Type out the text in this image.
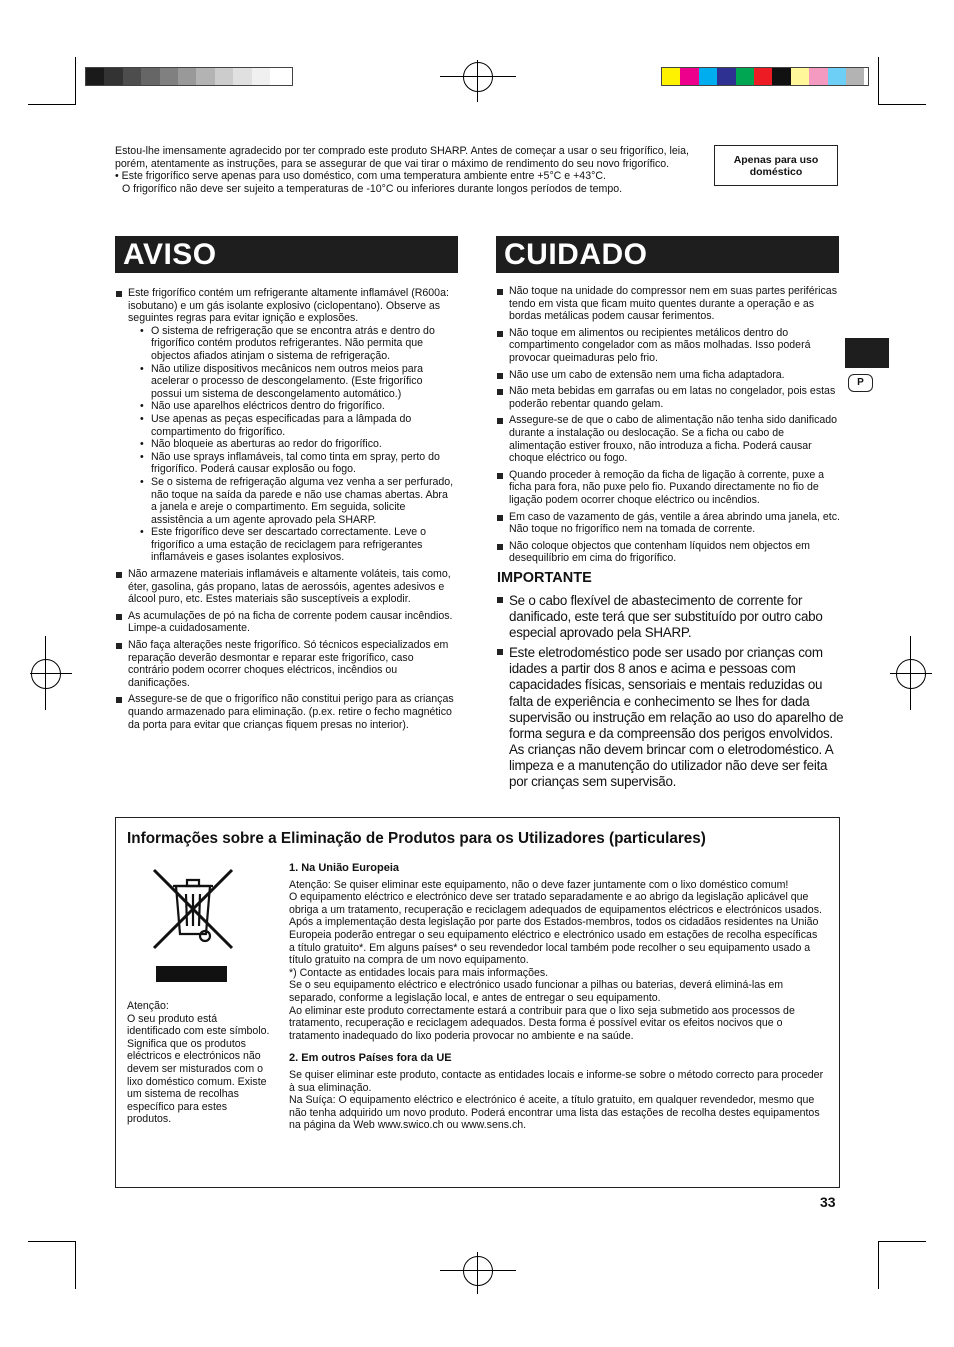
Estou-lhe imensamente agradecido por ter comprado este produto SHARP. Antes de começar a usar o seu frigorífico, leia, porém, atentamente as instruções, para se assegurar de que vai tirar o máximo de rendimento do seu novo frigorífico.

• Este frigorífico serve apenas para uso doméstico, com uma temperatura ambiente entre +5°C e +43°C.

O frigorífico não deve ser sujeito a temperaturas de -10°C ou inferiores durante longos períodos de tempo.

Apenas para uso doméstico
AVISO	CUIDADO
P
Este frigorífico contém um refrigerante altamente inflamável (R600a: isobutano) e um gás isolante explosivo (ciclopentano). Observe as seguintes regras para evitar ignição e explosões.
• O sistema de refrigeração que se encontra atrás e dentro do frigorífico contém produtos refrigerantes. Não permita que objectos afiados atinjam o sistema de refrigeração.
• Não utilize dispositivos mecânicos nem outros meios para acelerar o processo de descongelamento. (Este frigorífico possui um sistema de descongelamento automático.)
• Não use aparelhos eléctricos dentro do frigorífico.
• Use apenas as peças especificadas para a lâmpada do compartimento do frigorífico.
• Não bloqueie as aberturas ao redor do frigorífico.
• Não use sprays inflamáveis, tal como tinta em spray, perto do frigorífico. Poderá causar explosão ou fogo.
• Se o sistema de refrigeração alguma vez venha a ser perfurado, não toque na saída da parede e não use chamas abertas. Abra a janela e areje o compartimento. Em seguida, solicite assistência a um agente aprovado pela SHARP.
• Este frigorífico deve ser descartado correctamente. Leve o frigorífico a uma estação de reciclagem para refrigerantes inflamáveis e gases isolantes explosivos.
Não armazene materiais inflamáveis e altamente voláteis, tais como, éter, gasolina, gás propano, latas de aerossóis, agentes adesivos e álcool puro, etc. Estes materiais são susceptíveis a explodir.
As acumulações de pó na ficha de corrente podem causar incêndios. Limpe-a cuidadosamente.
Não faça alterações neste frigorífico. Só técnicos especializados em reparação deverão desmontar e reparar este frigorífico, caso contrário podem ocorrer choques eléctricos, incêndios ou danificações.
Assegure-se de que o frigorífico não constitui perigo para as crianças quando armazenado para eliminação. (p.ex. retire o fecho magnético da porta para evitar que crianças fiquem presas no interior).
Não toque na unidade do compressor nem em suas partes periféricas tendo em vista que ficam muito quentes durante a operação e as bordas metálicas podem causar ferimentos.
Não toque em alimentos ou recipientes metálicos dentro do compartimento congelador com as mãos molhadas. Isso poderá provocar queimaduras pelo frio.
Não use um cabo de extensão nem uma ficha adaptadora.
Não meta bebidas em garrafas ou em latas no congelador, pois estas poderão rebentar quando gelam.
Assegure-se de que o cabo de alimentação não tenha sido danificado durante a instalação ou deslocação. Se a ficha ou cabo de alimentação estiver frouxo, não introduza a ficha. Poderá causar choque eléctrico ou fogo.
Quando proceder à remoção da ficha de ligação à corrente, puxe a ficha para fora, não puxe pelo fio. Puxando directamente no fio de ligação podem ocorrer choque eléctrico ou incêndios.
Em caso de vazamento de gás, ventile a área abrindo uma janela, etc. Não toque no frigorífico nem na tomada de corrente.
Não coloque objectos que contenham líquidos nem objectos em desequilíbrio em cima do frigorífico.
IMPORTANTE
Se o cabo flexível de abastecimento de corrente for danificado, este terá que ser substituído por outro cabo especial aprovado pela SHARP.
Este eletrodoméstico pode ser usado por crianças com idades a partir dos 8 anos e acima e pessoas com capacidades físicas, sensoriais e mentais reduzidas ou falta de experiência e conhecimento se lhes for dada supervisão ou instrução em relação ao uso do aparelho de forma segura e da compreensão dos perigos envolvidos. As crianças não devem brincar com o eletrodoméstico. A limpeza e a manutenção do utilizador não deve ser feita por crianças sem supervisão.
Informações sobre a Eliminação de Produtos para os Utilizadores (particulares)

Atenção:

O seu produto está identificado com este símbolo. Significa que os produtos eléctricos e electrónicos não devem ser misturados com o lixo doméstico comum. Existe um sistema de recolhas específico para estes produtos.

1. Na União Europeia

Atenção: Se quiser eliminar este equipamento, não o deve fazer juntamente com o lixo doméstico comum!

O equipamento eléctrico e electrónico deve ser tratado separadamente e ao abrigo da legislação aplicável que obriga a um tratamento, recuperação e reciclagem adequados de equipamentos eléctricos e electrónicos usados.

Após a implementação desta legislação por parte dos Estados-membros, todos os cidadãos residentes na União Europeia poderão entregar o seu equipamento eléctrico e electrónico usado em estações de recolha específicas a título gratuito*. Em alguns países* o seu revendedor local também pode recolher o seu equipamento usado a título gratuito na compra de um novo equipamento.

*) Contacte as entidades locais para mais informações.

Se o seu equipamento eléctrico e electrónico usado funcionar a pilhas ou baterias, deverá eliminá-las em separado, conforme a legislação local, e antes de entregar o seu equipamento.

Ao eliminar este produto correctamente estará a contribuir para que o lixo seja submetido aos processos de tratamento, recuperação e reciclagem adequados. Desta forma é possível evitar os efeitos nocivos que o tratamento inadequado do lixo poderia provocar no ambiente e na saúde.

2. Em outros Países fora da UE

Se quiser eliminar este produto, contacte as entidades locais e informe-se sobre o método correcto para proceder à sua eliminação.

Na Suíça: O equipamento eléctrico e electrónico é aceite, a título gratuito, em qualquer revendedor, mesmo que não tenha adquirido um novo produto. Poderá encontrar uma lista das estações de recolha destes equipamentos na página da Web www.swico.ch ou www.sens.ch.

33
